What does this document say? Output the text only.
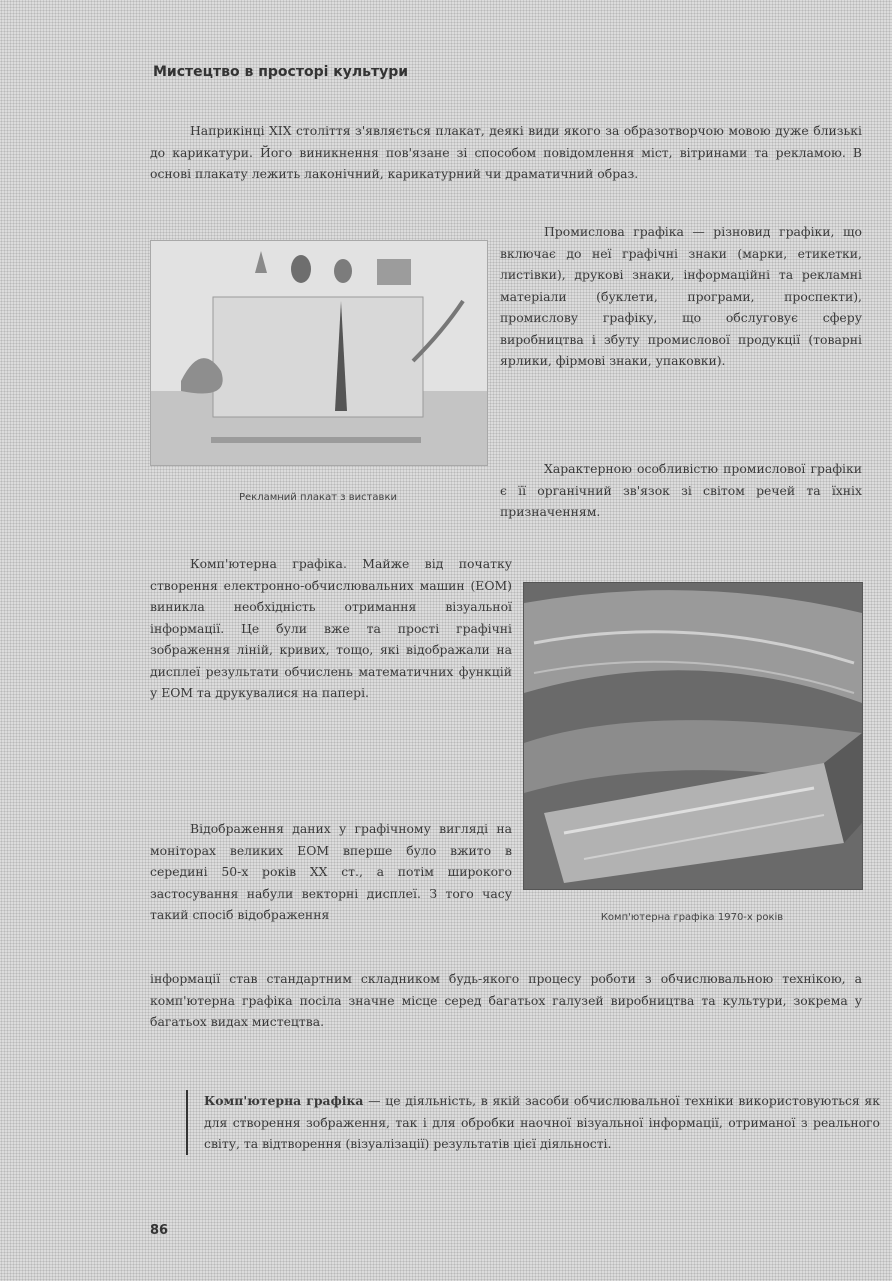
Мистецтво в просторі культури

Наприкінці XIX століття з'являється плакат, деякі види якого за образотворчою мовою дуже близькі до карикатури. Його виникнення пов'язане зі способом повідомлення міст, вітринами та рекламою. В основі плакату лежить лаконічний, карикатурний чи драматичний образ.

Рекламний плакат з виставки

Промислова графіка — різновид графіки, що включає до неї графічні знаки (марки, етикетки, листівки), друкові знаки, інформаційні та рекламні матеріали (буклети, програми, проспекти), промислову графіку, що обслуговує сферу виробництва і збуту промислової продукції (товарні ярлики, фірмові знаки, упаковки).

Характерною особливістю промислової графіки є її органічний зв'язок зі світом речей та їхніх призначенням.

Комп'ютерна графіка. Майже від початку створення електронно-обчислювальних машин (ЕОМ) виникла необхідність отримання візуальної інформації. Це були вже та прості графічні зображення ліній, кривих, тощо, які відображали на дисплеї результати обчислень математичних функцій у ЕОМ та друкувалися на папері.

Комп'ютерна графіка 1970-х років

Відображення даних у графічному вигляді на моніторах великих ЕОМ вперше було вжито в середині 50-х років XX ст., а потім широкого застосування набули векторні дисплеї. З того часу такий спосіб відображення

інформації став стандартним складником будь-якого процесу роботи з обчислювальною технікою, а комп'ютерна графіка посіла значне місце серед багатьох галузей виробництва та культури, зокрема у багатьох видах мистецтва.

Комп'ютерна графіка — це діяльність, в якій засоби обчислювальної техніки використовуються як для створення зображення, так і для обробки наочної візуальної інформації, отриманої з реального світу, та відтворення (візуалізації) результатів цієї діяльності.
86
